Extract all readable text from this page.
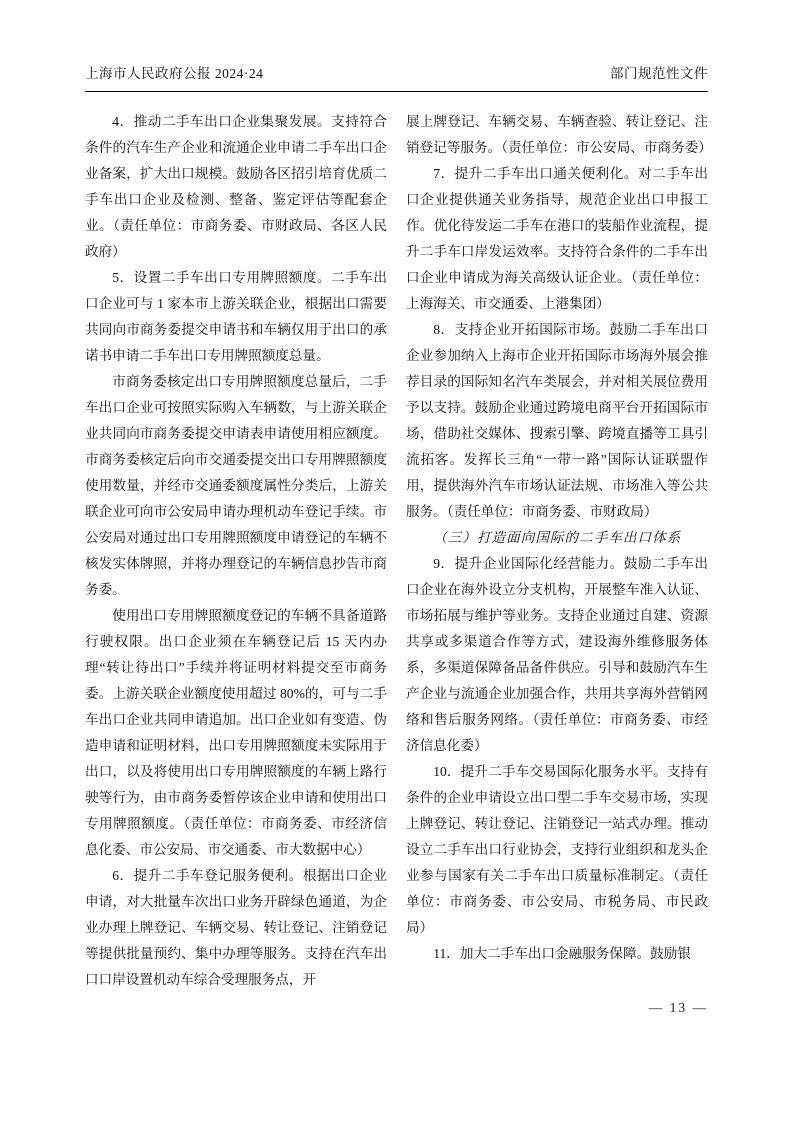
上海市人民政府公报 2024·24	部门规范性文件

4．推动二手车出口企业集聚发展。支持符合条件的汽车生产企业和流通企业申请二手车出口企业备案，扩大出口规模。鼓励各区招引培育优质二手车出口企业及检测、整备、鉴定评估等配套企业。（责任单位：市商务委、市财政局、各区人民政府）

5．设置二手车出口专用牌照额度。二手车出口企业可与 1 家本市上游关联企业，根据出口需要共同向市商务委提交申请书和车辆仅用于出口的承诺书申请二手车出口专用牌照额度总量。

市商务委核定出口专用牌照额度总量后，二手车出口企业可按照实际购入车辆数，与上游关联企业共同向市商务委提交申请表申请使用相应额度。市商务委核定后向市交通委提交出口专用牌照额度使用数量，并经市交通委额度属性分类后，上游关联企业可向市公安局申请办理机动车登记手续。市公安局对通过出口专用牌照额度申请登记的车辆不核发实体牌照，并将办理登记的车辆信息抄告市商务委。

使用出口专用牌照额度登记的车辆不具备道路行驶权限。出口企业须在车辆登记后 15 天内办理“转让待出口”手续并将证明材料提交至市商务委。上游关联企业额度使用超过 80%的，可与二手车出口企业共同申请追加。出口企业如有变造、伪造申请和证明材料，出口专用牌照额度未实际用于出口，以及将使用出口专用牌照额度的车辆上路行驶等行为，由市商务委暂停该企业申请和使用出口专用牌照额度。（责任单位：市商务委、市经济信息化委、市公安局、市交通委、市大数据中心）

6．提升二手车登记服务便利。根据出口企业申请，对大批量车次出口业务开辟绿色通道，为企业办理上牌登记、车辆交易、转让登记、注销登记等提供批量预约、集中办理等服务。支持在汽车出口口岸设置机动车综合受理服务点，开

展上牌登记、车辆交易、车辆查验、转让登记、注销登记等服务。（责任单位：市公安局、市商务委）

7．提升二手车出口通关便利化。对二手车出口企业提供通关业务指导，规范企业出口申报工作。优化待发运二手车在港口的装船作业流程，提升二手车口岸发运效率。支持符合条件的二手车出口企业申请成为海关高级认证企业。（责任单位：上海海关、市交通委、上港集团）

8．支持企业开拓国际市场。鼓励二手车出口企业参加纳入上海市企业开拓国际市场海外展会推荐目录的国际知名汽车类展会，并对相关展位费用予以支持。鼓励企业通过跨境电商平台开拓国际市场，借助社交媒体、搜索引擎、跨境直播等工具引流拓客。发挥长三角“一带一路”国际认证联盟作用，提供海外汽车市场认证法规、市场准入等公共服务。（责任单位：市商务委、市财政局）

（三）打造面向国际的二手车出口体系

9．提升企业国际化经营能力。鼓励二手车出口企业在海外设立分支机构，开展整车准入认证、市场拓展与维护等业务。支持企业通过自建、资源共享或多渠道合作等方式，建设海外维修服务体系，多渠道保障备品备件供应。引导和鼓励汽车生产企业与流通企业加强合作，共用共享海外营销网络和售后服务网络。（责任单位：市商务委、市经济信息化委）

10．提升二手车交易国际化服务水平。支持有条件的企业申请设立出口型二手车交易市场，实现上牌登记、转让登记、注销登记一站式办理。推动设立二手车出口行业协会，支持行业组织和龙头企业参与国家有关二手车出口质量标准制定。（责任单位：市商务委、市公安局、市税务局、市民政局）

11．加大二手车出口金融服务保障。鼓励银

— 13 —
